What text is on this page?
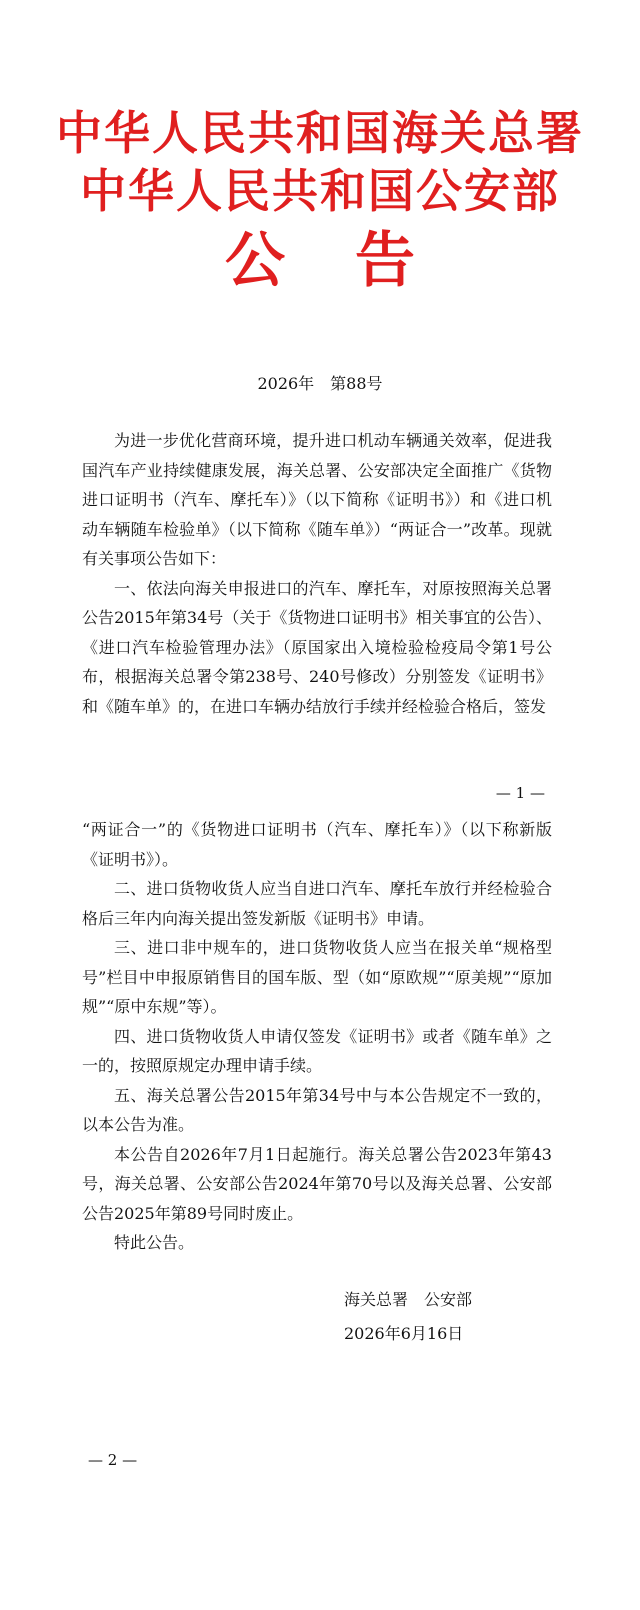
中华人民共和国海关总署
中华人民共和国公安部
公告
2026年　第88号

为进一步优化营商环境，提升进口机动车辆通关效率，促进我国汽车产业持续健康发展，海关总署、公安部决定全面推广《货物进口证明书（汽车、摩托车）》（以下简称《证明书》）和《进口机动车辆随车检验单》（以下简称《随车单》）“两证合一”改革。现就有关事项公告如下：

一、依法向海关申报进口的汽车、摩托车，对原按照海关总署公告2015年第34号（关于《货物进口证明书》相关事宜的公告）、《进口汽车检验管理办法》（原国家出入境检验检疫局令第1号公布，根据海关总署令第238号、240号修改）分别签发《证明书》和《随车单》的，在进口车辆办结放行手续并经检验合格后，签发

— 1 —

“两证合一”的《货物进口证明书（汽车、摩托车）》（以下称新版《证明书》）。

二、进口货物收货人应当自进口汽车、摩托车放行并经检验合格后三年内向海关提出签发新版《证明书》申请。

三、进口非中规车的，进口货物收货人应当在报关单“规格型号”栏目中申报原销售目的国车版、型（如“原欧规”“原美规”“原加规”“原中东规”等）。

四、进口货物收货人申请仅签发《证明书》或者《随车单》之一的，按照原规定办理申请手续。

五、海关总署公告2015年第34号中与本公告规定不一致的，以本公告为准。

本公告自2026年7月1日起施行。海关总署公告2023年第43号，海关总署、公安部公告2024年第70号以及海关总署、公安部公告2025年第89号同时废止。

特此公告。

海关总署　公安部
2026年6月16日
— 2 —
